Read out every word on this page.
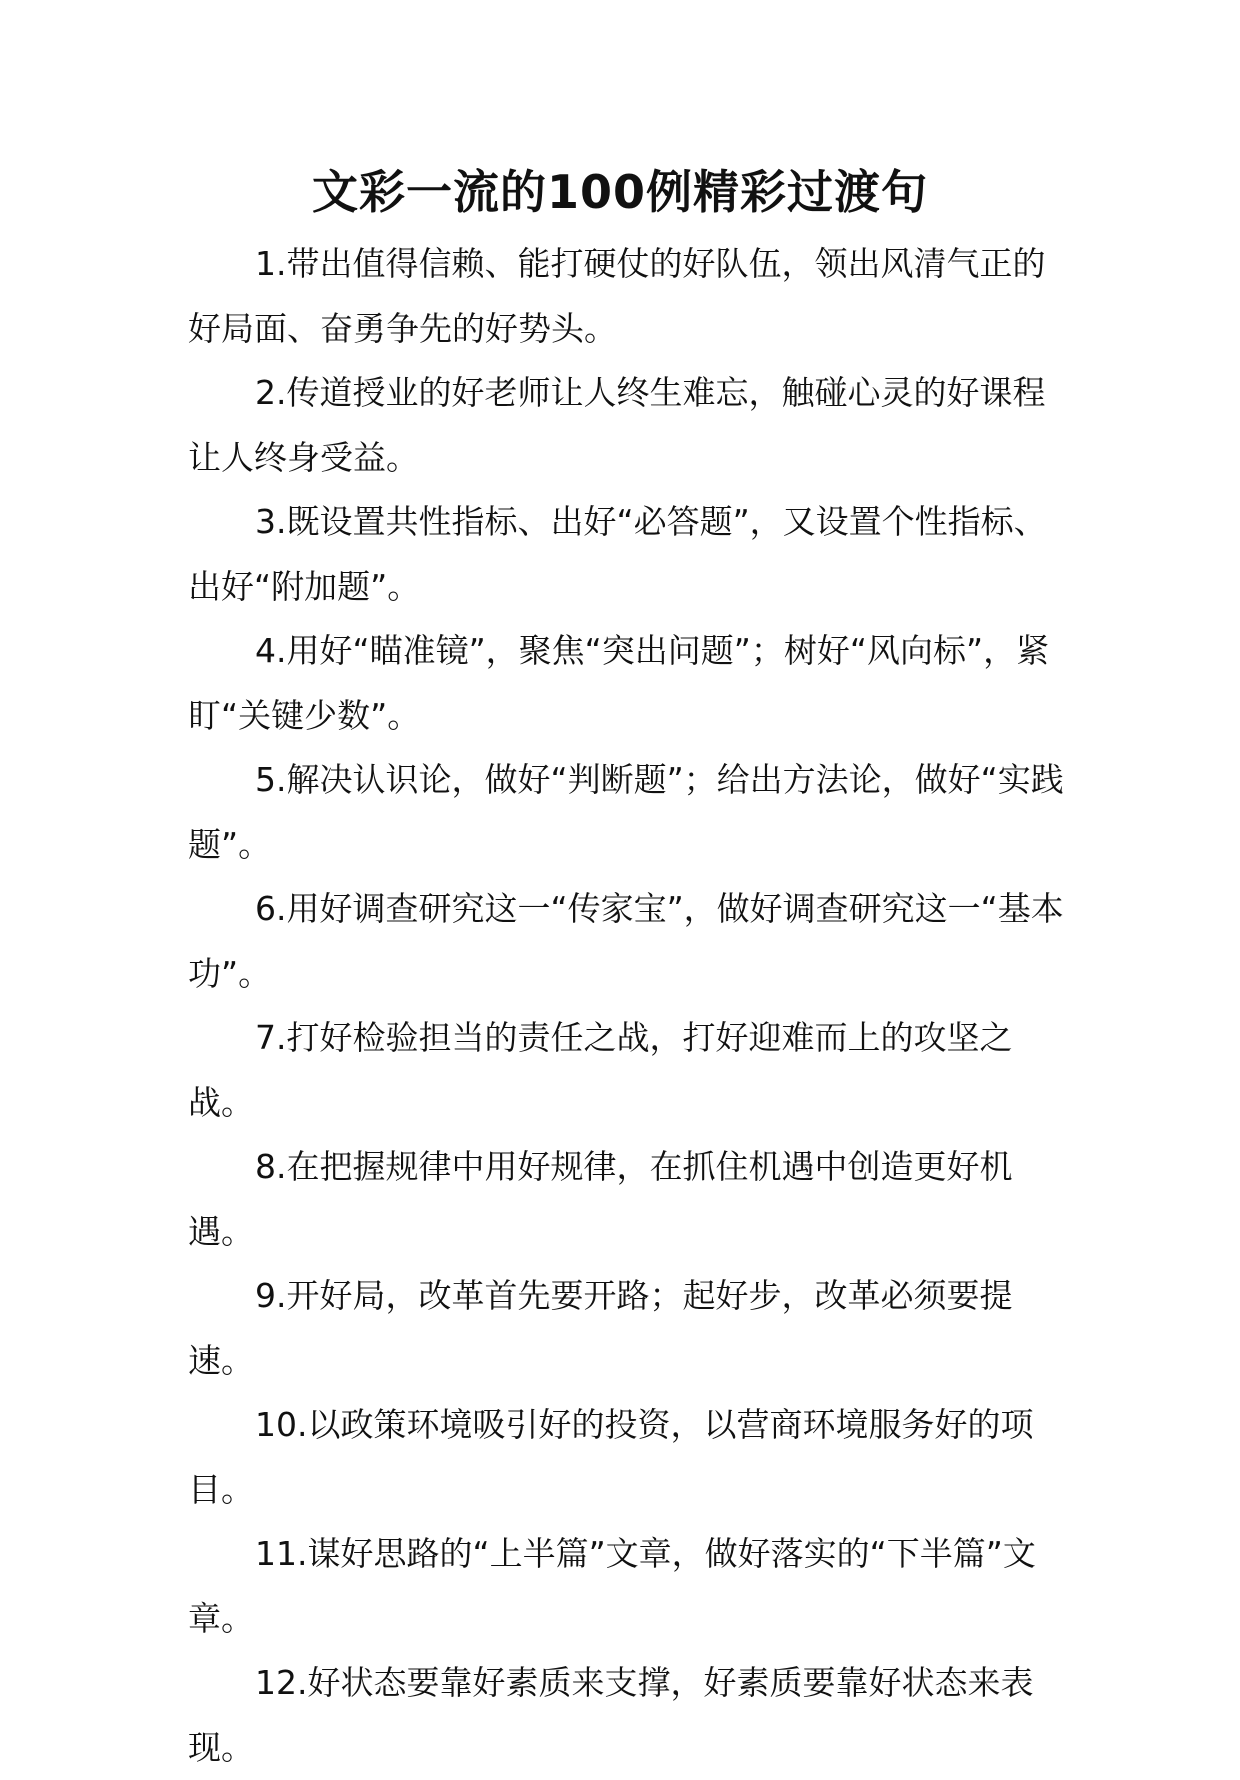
文彩一流的100例精彩过渡句

1.带出值得信赖、能打硬仗的好队伍，领出风清气正的好局面、奋勇争先的好势头。

2.传道授业的好老师让人终生难忘，触碰心灵的好课程让人终身受益。

3.既设置共性指标、出好“必答题”，又设置个性指标、出好“附加题”。

4.用好“瞄准镜”，聚焦“突出问题”；树好“风向标”，紧盯“关键少数”。

5.解决认识论，做好“判断题”；给出方法论，做好“实践题”。

6.用好调查研究这一“传家宝”，做好调查研究这一“基本功”。

7.打好检验担当的责任之战，打好迎难而上的攻坚之战。

8.在把握规律中用好规律，在抓住机遇中创造更好机遇。

9.开好局，改革首先要开路；起好步，改革必须要提速。

10.以政策环境吸引好的投资，以营商环境服务好的项目。

11.谋好思路的“上半篇”文章，做好落实的“下半篇”文章。

12.好状态要靠好素质来支撑，好素质要靠好状态来表现。
